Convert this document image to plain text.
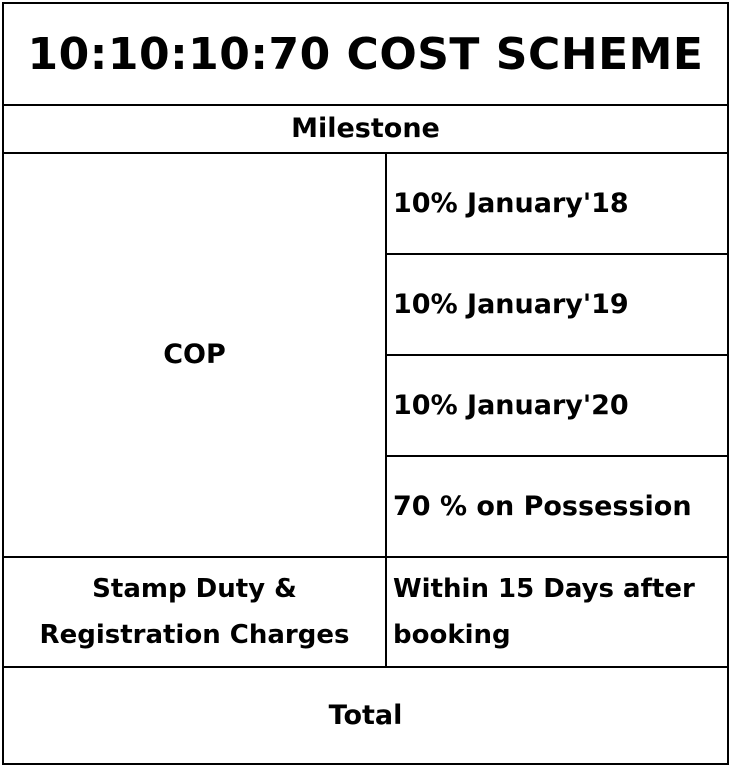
10:10:10:70 COST SCHEME
Milestone
COP
10% January'18
10% January'19
10% January'20
70 % on Possession
Stamp Duty &
Registration Charges
Within 15 Days after
booking
Total
